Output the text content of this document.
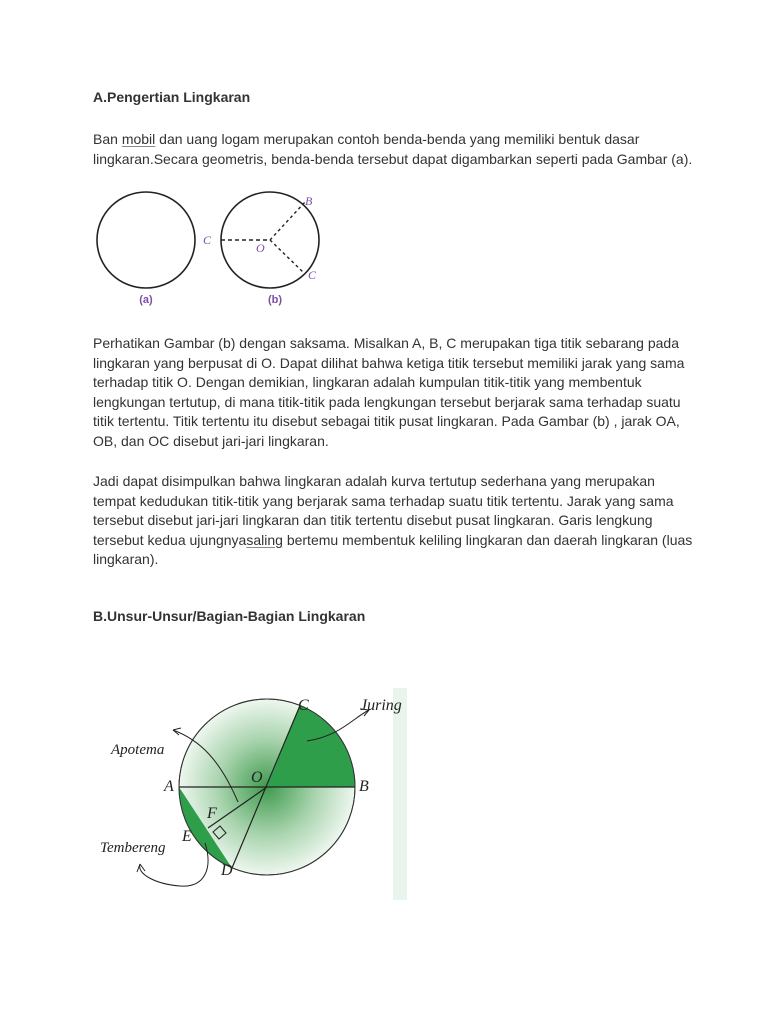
A.Pengertian Lingkaran

Ban mobil dan uang logam merupakan contoh benda-benda yang memiliki bentuk dasar lingkaran.Secara geometris, benda-benda tersebut dapat digambarkan seperti pada Gambar (a).

C
O
B
C
(a)	(b)

Perhatikan Gambar (b) dengan saksama. Misalkan A, B, C merupakan tiga titik sebarang pada lingkaran yang berpusat di O. Dapat dilihat bahwa ketiga titik tersebut memiliki jarak yang sama terhadap titik O. Dengan demikian, lingkaran adalah kumpulan titik-titik yang membentuk lengkungan tertutup, di mana titik-titik pada lengkungan tersebut berjarak sama terhadap suatu titik tertentu. Titik tertentu itu disebut sebagai titik pusat lingkaran. Pada Gambar (b) , jarak OA, OB, dan OC disebut jari-jari lingkaran.

Jadi dapat disimpulkan bahwa lingkaran adalah kurva tertutup sederhana yang merupakan tempat kedudukan titik-titik yang berjarak sama terhadap suatu titik tertentu. Jarak yang sama tersebut disebut jari-jari lingkaran dan titik tertentu disebut pusat lingkaran. Garis lengkung tersebut kedua ujungnyasaling bertemu membentuk keliling lingkaran dan daerah lingkaran (luas lingkaran).

B.Unsur-Unsur/Bagian-Bagian Lingkaran
Juring
Apotema
Tembereng
A	B
C
D
E
F
O
